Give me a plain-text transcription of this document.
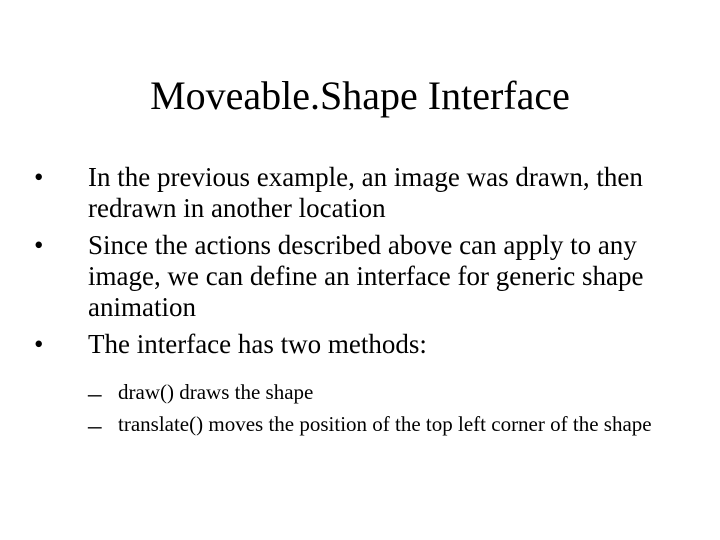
Moveable.Shape Interface
• In the previous example, an image was drawn, then redrawn in another location
• Since the actions described above can apply to any image, we can define an interface for generic shape animation
• The interface has two methods:
– draw() draws the shape
– translate() moves the position of the top left corner of the shape
